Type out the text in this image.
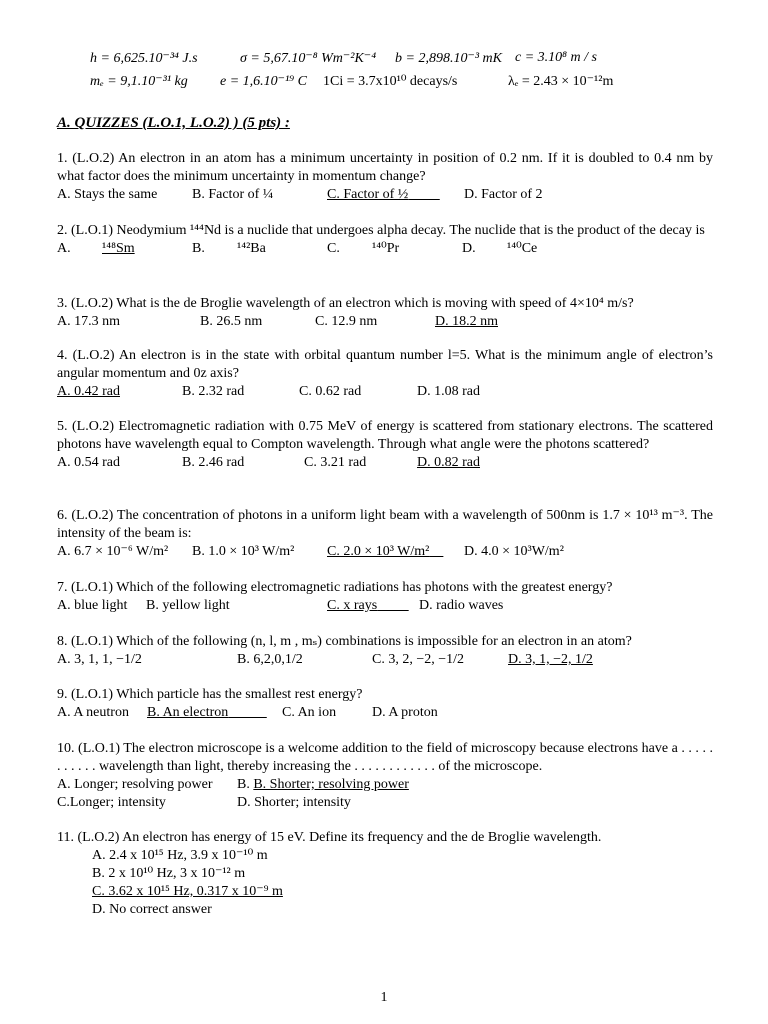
h = 6,625.10⁻³⁴ J.s	σ = 5,67.10⁻⁸ Wm⁻²K⁻⁴ b = 2,898.10⁻³ mK c = 3.10⁸ m / s
mₑ = 9,1.10⁻³¹ kg e = 1,6.10⁻¹⁹ C 1Ci = 3.7x10¹⁰ decays/s	λₑ = 2.43 × 10⁻¹²m
A. QUIZZES (L.O.1, L.O.2) ) (5 pts) :
1. (L.O.2) An electron in an atom has a minimum uncertainty in position of 0.2 nm. If it is doubled to 0.4 nm by what factor does the minimum uncertainty in momentum change?
A. Stays the same B. Factor of ¼	C. Factor of ½	D. Factor of 2
2. (L.O.1) Neodymium ¹⁴⁴Nd is a nuclide that undergoes alpha decay. The nuclide that is the product of the decay is
A. ¹⁴⁸Sm	B. ¹⁴²Ba	C. ¹⁴⁰Pr	D. ¹⁴⁰Ce
3. (L.O.2) What is the de Broglie wavelength of an electron which is moving with speed of 4×10⁴ m/s?
A. 17.3 nm	B. 26.5 nm	C. 12.9 nm	D. 18.2 nm
4. (L.O.2) An electron is in the state with orbital quantum number l=5. What is the minimum angle of electron’s angular momentum and 0z axis?
A. 0.42 rad	B. 2.32 rad	C. 0.62 rad	D. 1.08 rad
5. (L.O.2) Electromagnetic radiation with 0.75 MeV of energy is scattered from stationary electrons. The scattered photons have wavelength equal to Compton wavelength. Through what angle were the photons scattered?
A. 0.54 rad	B. 2.46 rad	C. 3.21 rad	D. 0.82 rad
6. (L.O.2) The concentration of photons in a uniform light beam with a wavelength of 500nm is 1.7 × 10¹³ m⁻³. The intensity of the beam is:
A. 6.7 × 10⁻⁶ W/m² B. 1.0 × 10³ W/m² C. 2.0 × 10³ W/m²	D. 4.0 × 10³W/m²
7. (L.O.1) Which of the following electromagnetic radiations has photons with the greatest energy?
A. blue light B. yellow light	C. x rays	D. radio waves
8. (L.O.1) Which of the following (n, l, m , mₛ) combinations is impossible for an electron in an atom?
A. 3, 1, 1, −1/2	B. 6,2,0,1/2	C. 3, 2, −2, −1/2	D. 3, 1, −2, 1/2
9. (L.O.1) Which particle has the smallest rest energy?
A. A neutron B. An electron	C. An ion	D. A proton
10. (L.O.1) The electron microscope is a welcome addition to the field of microscopy because electrons have a . . . . . . . . . . . wavelength than light, thereby increasing the . . . . . . . . . . . . of the microscope.
A. Longer; resolving power B. B. Shorter; resolving power
C.Longer; intensity	D. Shorter; intensity
11. (L.O.2) An electron has energy of 15 eV. Define its frequency and the de Broglie wavelength.
A. 2.4 x 10¹⁵ Hz, 3.9 x 10⁻¹⁰ m
B. 2 x 10¹⁰ Hz, 3 x 10⁻¹² m
C. 3.62 x 10¹⁵ Hz, 0.317 x 10⁻⁹ m
D. No correct answer
1
